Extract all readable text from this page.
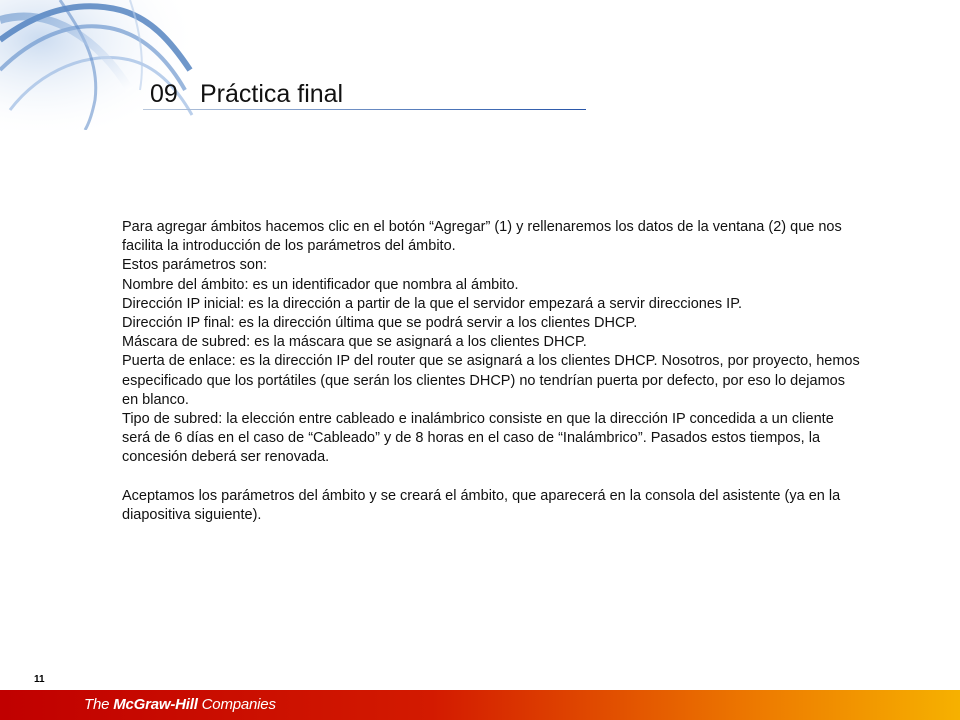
09 Práctica final

Para agregar ámbitos hacemos clic en el botón “Agregar” (1) y rellenaremos los datos de la ventana (2) que nos facilita la introducción de los parámetros del ámbito.

Estos parámetros son:

Nombre del ámbito: es un identificador que nombra al ámbito.

Dirección IP inicial: es la dirección a partir de la que el servidor empezará a servir direcciones IP.

Dirección IP final: es la dirección última que se podrá servir a los clientes DHCP.

Máscara de subred: es la máscara que se asignará a los clientes DHCP.

Puerta de enlace: es la dirección IP del router que se asignará a los clientes DHCP. Nosotros, por proyecto, hemos especificado que los portátiles (que serán los clientes DHCP) no tendrían puerta por defecto, por eso lo dejamos en blanco.

Tipo de subred: la elección entre cableado e inalámbrico consiste en que la dirección IP concedida a un cliente será de 6 días en el caso de “Cableado” y de 8 horas en el caso de “Inalámbrico”. Pasados estos tiempos, la concesión deberá ser renovada.

Aceptamos los parámetros del ámbito y se creará el ámbito, que aparecerá en la consola del asistente (ya en la diapositiva siguiente).

11
The McGraw-Hill Companies
